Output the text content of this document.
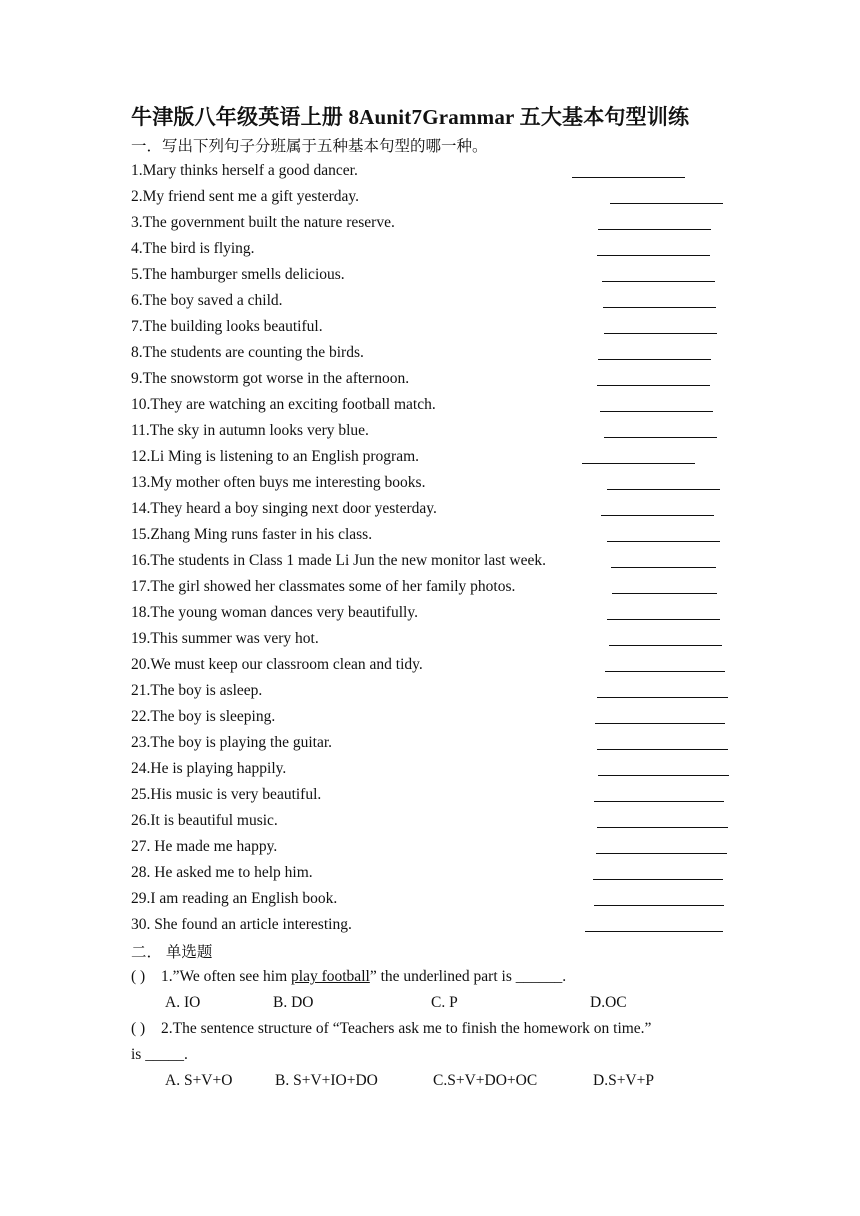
牛津版八年级英语上册 8Aunit7Grammar 五大基本句型训练
一．写出下列句子分班属于五种基本句型的哪一种。
1.Mary thinks herself a good dancer.
2.My friend sent me a gift yesterday.
3.The government built the nature reserve.
4.The bird is flying.
5.The hamburger smells delicious.
6.The boy saved a child.
7.The building looks beautiful.
8.The students are counting the birds.
9.The snowstorm got worse in the afternoon.
10.They are watching an exciting football match.
11.The sky in autumn looks very blue.
12.Li Ming is listening to an English program.
13.My mother often buys me interesting books.
14.They heard a boy singing next door yesterday.
15.Zhang Ming runs faster in his class.
16.The students in Class 1 made Li Jun the new monitor last week.
17.The girl showed her classmates some of her family photos.
18.The young woman dances very beautifully.
19.This summer was very hot.
20.We must keep our classroom clean and tidy.
21.The boy is asleep.
22.The boy is sleeping.
23.The boy is playing the guitar.
24.He is playing happily.
25.His music is very beautiful.
26.It is beautiful music.
27. He made me happy.
28. He asked me to help him.
29.I am reading an English book.
30. She found an article interesting.
二． 单选题
( ) 1.”We often see him play football” the underlined part is ______.
A. IO	B. DO	C. P	D.OC
( ) 2.The sentence structure of “Teachers ask me to finish the homework on time.”
is _____.
A. S+V+O	B. S+V+IO+DO	C.S+V+DO+OC	D.S+V+P
